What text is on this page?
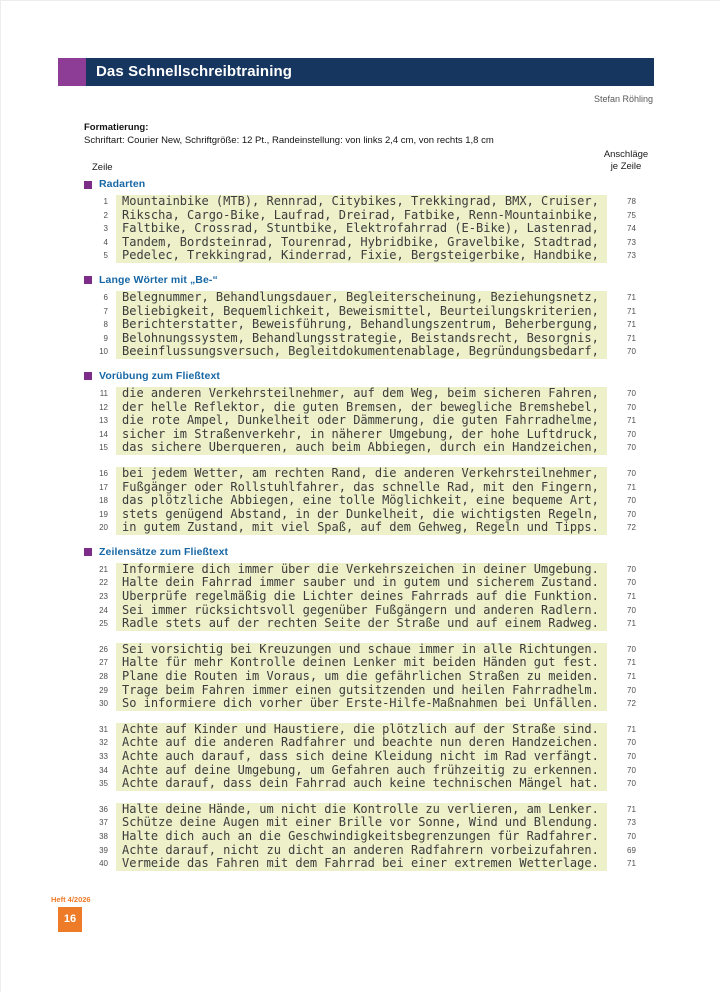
Das Schnellschreibtraining
Stefan Röhling
Formatierung:
Schriftart: Courier New, Schriftgröße: 12 Pt., Randeinstellung: von links 2,4 cm, von rechts 1,8 cm
Anschläge
je Zeile
Zeile
Radarten
1	Mountainbike (MTB), Rennrad, Citybikes, Trekkingrad, BMX, Cruiser,	78
2	Rikscha, Cargo-Bike, Laufrad, Dreirad, Fatbike, Renn-Mountainbike,	75
3	Faltbike, Crossrad, Stuntbike, Elektrofahrrad (E-Bike), Lastenrad,	74
4	Tandem, Bordsteinrad, Tourenrad, Hybridbike, Gravelbike, Stadtrad,	73
5	Pedelec, Trekkingrad, Kinderrad, Fixie, Bergsteigerbike, Handbike,	73
Lange Wörter mit „Be-“
6	Belegnummer, Behandlungsdauer, Begleiterscheinung, Beziehungsnetz,	71
7	Beliebigkeit, Bequemlichkeit, Beweismittel, Beurteilungskriterien,	71
8	Berichterstatter, Beweisführung, Behandlungszentrum, Beherbergung,	71
9	Belohnungssystem, Behandlungsstrategie, Beistandsrecht, Besorgnis,	71
10	Beeinflussungsversuch, Begleitdokumentenablage, Begründungsbedarf,	70
Vorübung zum Fließtext
11	die anderen Verkehrsteilnehmer, auf dem Weg, beim sicheren Fahren,	70
12	der helle Reflektor, die guten Bremsen, der bewegliche Bremshebel,	70
13	die rote Ampel, Dunkelheit oder Dämmerung, die guten Fahrradhelme,	71
14	sicher im Straßenverkehr, in näherer Umgebung, der hohe Luftdruck,	70
15	das sichere Überqueren, auch beim Abbiegen, durch ein Handzeichen,	70
16	bei jedem Wetter, am rechten Rand, die anderen Verkehrsteilnehmer,	70
17	Fußgänger oder Rollstuhlfahrer, das schnelle Rad, mit den Fingern,	71
18	das plötzliche Abbiegen, eine tolle Möglichkeit, eine bequeme Art,	70
19	stets genügend Abstand, in der Dunkelheit, die wichtigsten Regeln,	70
20	in gutem Zustand, mit viel Spaß, auf dem Gehweg, Regeln und Tipps.	72
Zeilensätze zum Fließtext
21	Informiere dich immer über die Verkehrszeichen in deiner Umgebung.	70
22	Halte dein Fahrrad immer sauber und in gutem und sicherem Zustand.	70
23	Überprüfe regelmäßig die Lichter deines Fahrrads auf die Funktion.	71
24	Sei immer rücksichtsvoll gegenüber Fußgängern und anderen Radlern.	70
25	Radle stets auf der rechten Seite der Straße und auf einem Radweg.	71
26	Sei vorsichtig bei Kreuzungen und schaue immer in alle Richtungen.	70
27	Halte für mehr Kontrolle deinen Lenker mit beiden Händen gut fest.	71
28	Plane die Routen im Voraus, um die gefährlichen Straßen zu meiden.	71
29	Trage beim Fahren immer einen gutsitzenden und heilen Fahrradhelm.	70
30	So informiere dich vorher über Erste-Hilfe-Maßnahmen bei Unfällen.	72
31	Achte auf Kinder und Haustiere, die plötzlich auf der Straße sind.	71
32	Achte auf die anderen Radfahrer und beachte nun deren Handzeichen.	70
33	Achte auch darauf, dass sich deine Kleidung nicht im Rad verfängt.	70
34	Achte auf deine Umgebung, um Gefahren auch frühzeitig zu erkennen.	70
35	Achte darauf, dass dein Fahrrad auch keine technischen Mängel hat.	70
36	Halte deine Hände, um nicht die Kontrolle zu verlieren, am Lenker.	71
37	Schütze deine Augen mit einer Brille vor Sonne, Wind und Blendung.	73
38	Halte dich auch an die Geschwindigkeitsbegrenzungen für Radfahrer.	70
39	Achte darauf, nicht zu dicht an anderen Radfahrern vorbeizufahren.	69
40	Vermeide das Fahren mit dem Fahrrad bei einer extremen Wetterlage.	71
Heft 4/2026
16
